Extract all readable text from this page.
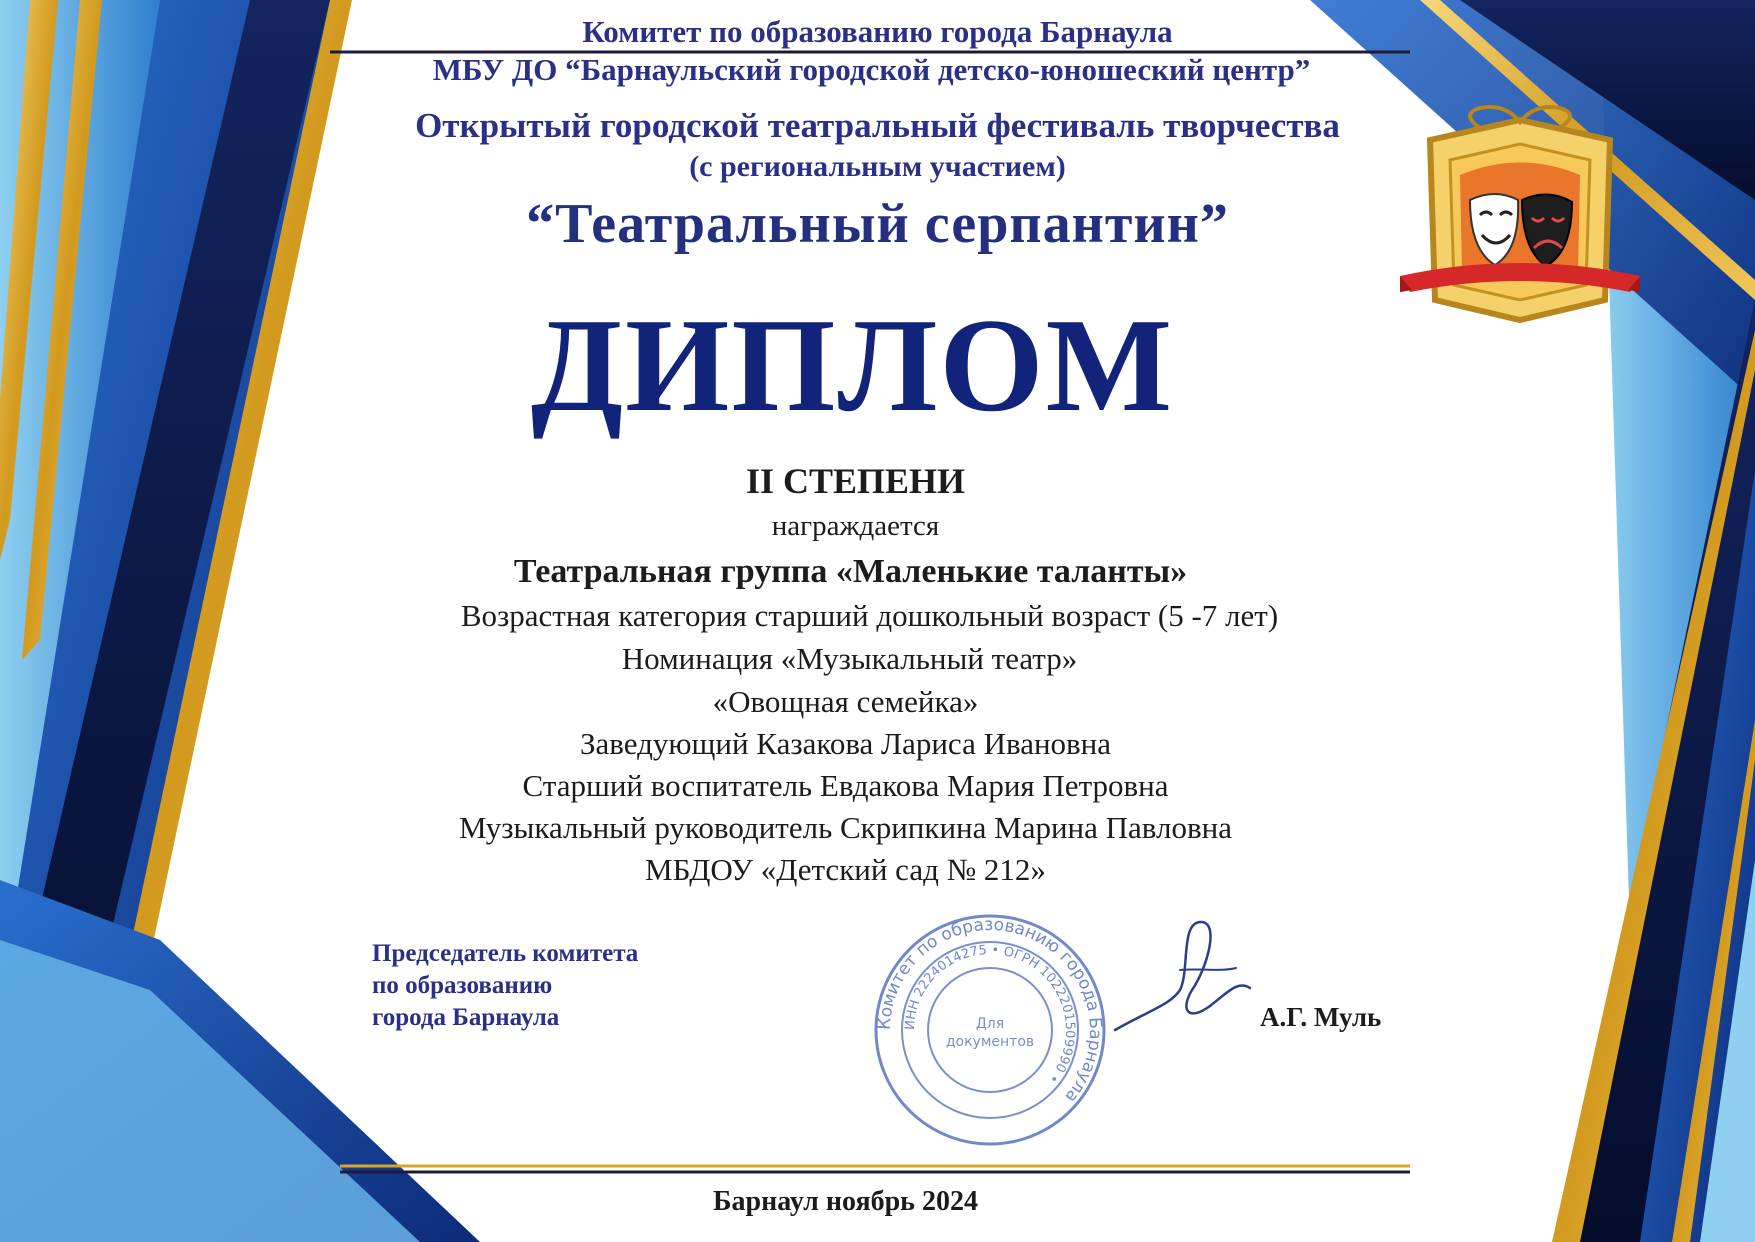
Комитет по образованию города Барнаула
МБУ ДО “Барнаульский городской детско-юношеский центр”
Открытый городской театральный фестиваль творчества
(с региональным участием)
“Театральный серпантин”
ДИПЛОМ
II СТЕПЕНИ
награждается
Театральная группа «Маленькие таланты»
Возрастная категория старший дошкольный возраст (5 -7 лет)
Номинация «Музыкальный театр»
«Овощная семейка»
Заведующий Казакова Лариса Ивановна
Старший воспитатель Евдакова Мария Петровна
Музыкальный руководитель Скрипкина Марина Павловна
МБДОУ «Детский сад № 212»
Председатель комитета
по образованию
города Барнаула	Комитет по образованию города Барнаула
ИНН 2224014275 • ОГРН 1022201509990 •
Для
документов
А.Г. Муль
Барнаул ноябрь 2024
